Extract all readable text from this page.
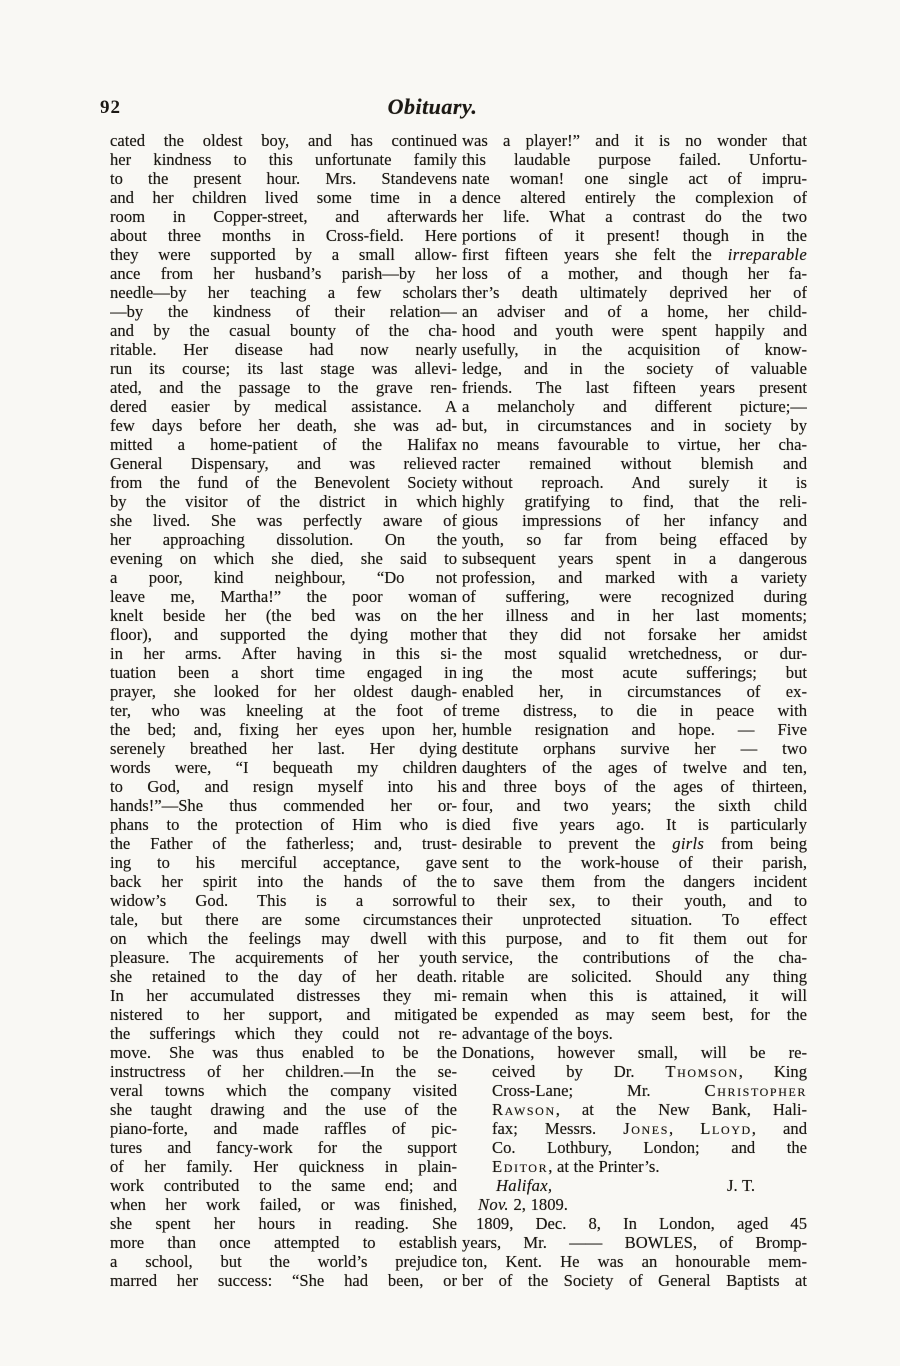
92	Obituary.
cated the oldest boy, and has continued
her kindness to this unfortunate family
to the present hour. Mrs. Standevens
and her children lived some time in a
room in Copper-street, and afterwards
about three months in Cross-field. Here
they were supported by a small allow-
ance from her husband’s parish—by her
needle—by her teaching a few scholars
—by the kindness of their relation—
and by the casual bounty of the cha-
ritable. Her disease had now nearly
run its course; its last stage was allevi-
ated, and the passage to the grave ren-
dered easier by medical assistance. A
few days before her death, she was ad-
mitted a home-patient of the Halifax
General Dispensary, and was relieved
from the fund of the Benevolent Society
by the visitor of the district in which
she lived. She was perfectly aware of
her approaching dissolution. On the
evening on which she died, she said to
a poor, kind neighbour, “Do not
leave me, Martha!” the poor woman
knelt beside her (the bed was on the
floor), and supported the dying mother
in her arms. After having in this si-
tuation been a short time engaged in
prayer, she looked for her oldest daugh-
ter, who was kneeling at the foot of
the bed; and, fixing her eyes upon her,
serenely breathed her last. Her dying
words were, “I bequeath my children
to God, and resign myself into his
hands!”—She thus commended her or-
phans to the protection of Him who is
the Father of the fatherless; and, trust-
ing to his merciful acceptance, gave
back her spirit into the hands of the
widow’s God. This is a sorrowful
tale, but there are some circumstances
on which the feelings may dwell with
pleasure. The acquirements of her youth
she retained to the day of her death.
In her accumulated distresses they mi-
nistered to her support, and mitigated
the sufferings which they could not re-
move. She was thus enabled to be the
instructress of her children.—In the se-
veral towns which the company visited
she taught drawing and the use of the
piano-forte, and made raffles of pic-
tures and fancy-work for the support
of her family. Her quickness in plain-
work contributed to the same end; and
when her work failed, or was finished,
she spent her hours in reading. She
more than once attempted to establish
a school, but the world’s prejudice
marred her success: “She had been, or
was a player!” and it is no wonder that
this laudable purpose failed. Unfortu-
nate woman! one single act of impru-
dence altered entirely the complexion of
her life. What a contrast do the two
portions of it present! though in the
first fifteen years she felt the irreparable
loss of a mother, and though her fa-
ther’s death ultimately deprived her of
an adviser and of a home, her child-
hood and youth were spent happily and
usefully, in the acquisition of know-
ledge, and in the society of valuable
friends. The last fifteen years present
a melancholy and different picture;—
but, in circumstances and in society by
no means favourable to virtue, her cha-
racter remained without blemish and
without reproach. And surely it is
highly gratifying to find, that the reli-
gious impressions of her infancy and
youth, so far from being effaced by
subsequent years spent in a dangerous
profession, and marked with a variety
of suffering, were recognized during
her illness and in her last moments;
that they did not forsake her amidst
the most squalid wretchedness, or dur-
ing the most acute sufferings; but
enabled her, in circumstances of ex-
treme distress, to die in peace with
humble resignation and hope. — Five
destitute orphans survive her — two
daughters of the ages of twelve and ten,
and three boys of the ages of thirteen,
four, and two years; the sixth child
died five years ago. It is particularly
desirable to prevent the girls from being
sent to the work-house of their parish,
to save them from the dangers incident
to their sex, to their youth, and to
their unprotected situation. To effect
this purpose, and to fit them out for
service, the contributions of the cha-
ritable are solicited. Should any thing
remain when this is attained, it will
be expended as may seem best, for the
advantage of the boys.
Donations, however small, will be re-
ceived by Dr. Thomson, King
Cross-Lane; Mr. Christopher
Rawson, at the New Bank, Hali-
fax; Messrs. Jones, Lloyd, and
Co. Lothbury, London; and the
Editor, at the Printer’s.
Halifax,	J. T.
Nov. 2, 1809.
1809, Dec. 8, In London, aged 45
years, Mr. —— BOWLES, of Bromp-
ton, Kent. He was an honourable mem-
ber of the Society of General Baptists at
